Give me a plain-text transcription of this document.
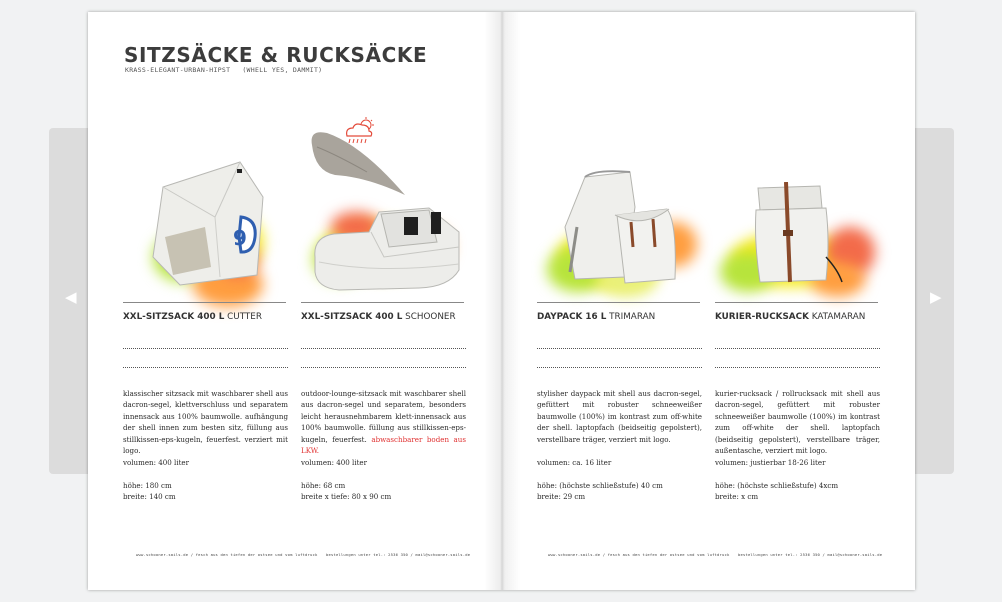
◀	▶
SITZSÄCKE & RUCKSÄCKE
KRASS-ELEGANT-URBAN-HIPST (WHELL YES, DAMMIT)
9
XXL-SITZSACK 400 L CUTTER
klassischer sitzsack mit waschbarer shell aus dacron-segel, klettverschluss und separatem innensack aus 100% baumwolle. aufhängung der shell innen zum besten sitz, füllung aus stillkissen-eps-kugeln, feuerfest. verziert mit logo.
volumen: 400 liter
höhe: 180 cm
breite: 140 cm
XXL-SITZSACK 400 L SCHOONER
outdoor-lounge-sitzsack mit waschbarer shell aus dacron-segel und separatem, besonders leicht herausnehmbarem klett-innensack aus 100% baumwolle. füllung aus stillkissen-eps-kugeln, feuerfest. abwaschbarer boden aus LKW.
volumen: 400 liter
höhe: 68 cm
breite x tiefe: 80 x 90 cm
www.schooner-sails.de / fesch aus den tiefen der ostsee und vom luftdruck bestellungen unter tel.: 2536 350 / mail@schooner-sails.de
DAYPACK 16 L TRIMARAN
stylisher daypack mit shell aus dacron-segel, gefüttert mit robuster schneeweißer baumwolle (100%) im kontrast zum off-white der shell. laptopfach (beidseitig gepolstert), verstellbare träger, verziert mit logo.
volumen: ca. 16 liter
höhe: (höchste schließstufe) 40 cm
breite: 29 cm
KURIER-RUCKSACK KATAMARAN
kurier-rucksack / rollrucksack mit shell aus dacron-segel, gefüttert mit robuster schneeweißer baumwolle (100%) im kontrast zum off-white der shell. laptopfach (beidseitig gepolstert), verstellbare träger, außentasche, verziert mit logo.
volumen: justierbar 18-26 liter
höhe: (höchste schließstufe) 4xcm
breite: x cm
www.schooner-sails.de / fesch aus den tiefen der ostsee und vom luftdruck bestellungen unter tel.: 2536 350 / mail@schooner-sails.de
